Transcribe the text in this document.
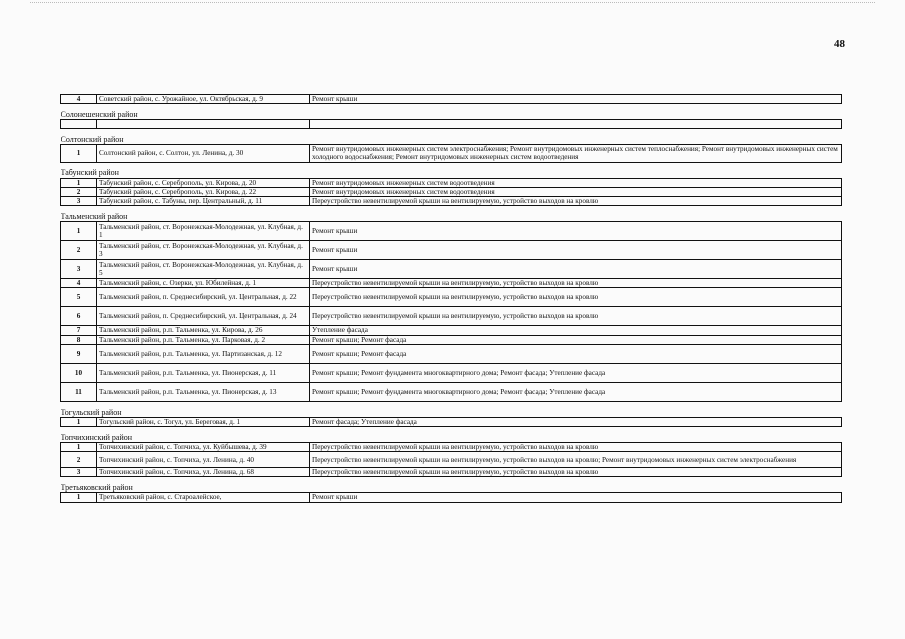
48
4	Советский район, с. Урожайное, ул. Октябрьская, д. 9	Ремонт крыши

Солонешенский район		

Солтонский район		
1	Солтонский район, с. Солтон, ул. Ленина, д. 30	Ремонт внутридомовых инженерных систем электроснабжения; Ремонт внутридомовых инженерных систем теплоснабжения; Ремонт внутридомовых инженерных систем холодного водоснабжения; Ремонт внутридомовых инженерных систем водоотведения

Табунский район		
1	Табунский район, с. Сереброполь, ул. Кирова, д. 20	Ремонт внутридомовых инженерных систем водоотведения
2	Табунский район, с. Сереброполь, ул. Кирова, д. 22	Ремонт внутридомовых инженерных систем водоотведения
3	Табунский район, с. Табуны, пер. Центральный, д. 11	Переустройство невентилируемой крыши на вентилируемую, устройство выходов на кровлю

Тальменский район		
1	Тальменский район, ст. Воронежская-Молодежная, ул. Клубная, д. 1	Ремонт крыши
2	Тальменский район, ст. Воронежская-Молодежная, ул. Клубная, д. 3	Ремонт крыши
3	Тальменский район, ст. Воронежская-Молодежная, ул. Клубная, д. 5	Ремонт крыши
4	Тальменский район, с. Озерки, ул. Юбилейная, д. 1	Переустройство невентилируемой крыши на вентилируемую, устройство выходов на кровлю
5	Тальменский район, п. Среднесибирский, ул. Центральная, д. 22	Переустройство невентилируемой крыши на вентилируемую, устройство выходов на кровлю
6	Тальменский район, п. Среднесибирский, ул. Центральная, д. 24	Переустройство невентилируемой крыши на вентилируемую, устройство выходов на кровлю
7	Тальменский район, р.п. Тальменка, ул. Кирова, д. 26	Утепление фасада
8	Тальменский район, р.п. Тальменка, ул. Парковая, д. 2	Ремонт крыши; Ремонт фасада
9	Тальменский район, р.п. Тальменка, ул. Партизанская, д. 12	Ремонт крыши; Ремонт фасада
10	Тальменский район, р.п. Тальменка, ул. Пионерская, д. 11	Ремонт крыши; Ремонт фундамента многоквартирного дома; Ремонт фасада; Утепление фасада
11	Тальменский район, р.п. Тальменка, ул. Пионерская, д. 13	Ремонт крыши; Ремонт фундамента многоквартирного дома; Ремонт фасада; Утепление фасада

Тогульский район		
1	Тогульский район, с. Тогул, ул. Береговая, д. 1	Ремонт фасада; Утепление фасада

Топчихинский район		
1	Топчихинский район, с. Топчиха, ул. Куйбышева, д. 39	Переустройство невентилируемой крыши на вентилируемую, устройство выходов на кровлю
2	Топчихинский район, с. Топчиха, ул. Ленина, д. 40	Переустройство невентилируемой крыши на вентилируемую, устройство выходов на кровлю; Ремонт внутридомовых инженерных систем электроснабжения
3	Топчихинский район, с. Топчиха, ул. Ленина, д. 68	Переустройство невентилируемой крыши на вентилируемую, устройство выходов на кровлю

Третьяковский район		
1	Третьяковский район, с. Староалейское,	Ремонт крыши
